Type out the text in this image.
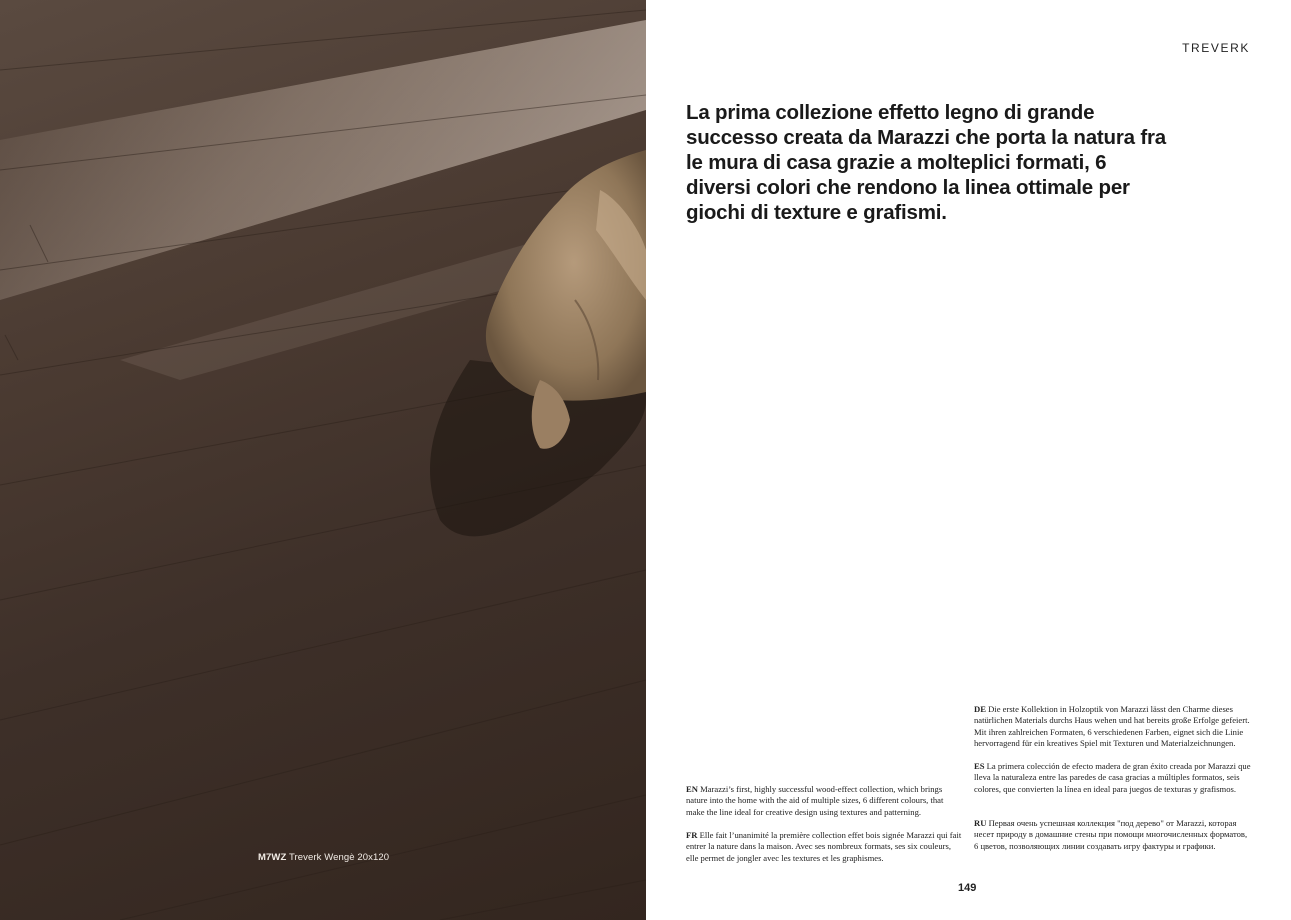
M7WZ Treverk Wengè 20x120
TREVERK

La prima collezione effetto legno di grande successo creata da Marazzi che porta la natura fra le mura di casa grazie a molteplici formati, 6 diversi colori che rendono la linea ottimale per giochi di texture e grafismi.

EN Marazzi’s first, highly successful wood-effect collection, which brings nature into the home with the aid of multiple sizes, 6 different colours, that make the line ideal for creative design using textures and patterning.

FR Elle fait l’unanimité la première collection effet bois signée Marazzi qui fait entrer la nature dans la maison. Avec ses nombreux formats, ses six couleurs, elle permet de jongler avec les textures et les graphismes.

DE Die erste Kollektion in Holzoptik von Marazzi lässt den Charme dieses natürlichen Materials durchs Haus wehen und hat bereits große Erfolge gefeiert. Mit ihren zahlreichen Formaten, 6 verschiedenen Farben, eignet sich die Linie hervorragend für ein kreatives Spiel mit Texturen und Materialzeichnungen.

ES La primera colección de efecto madera de gran éxito creada por Marazzi que lleva la naturaleza entre las paredes de casa gracias a múltiples formatos, seis colores, que convierten la línea en ideal para juegos de texturas y grafismos.

RU Первая очень успешная коллекция "под дерево" от Marazzi, которая несет природу в домашние стены при помощи многочисленных форматов, 6 цветов, позволяющих линии создавать игру фактуры и графики.

149
